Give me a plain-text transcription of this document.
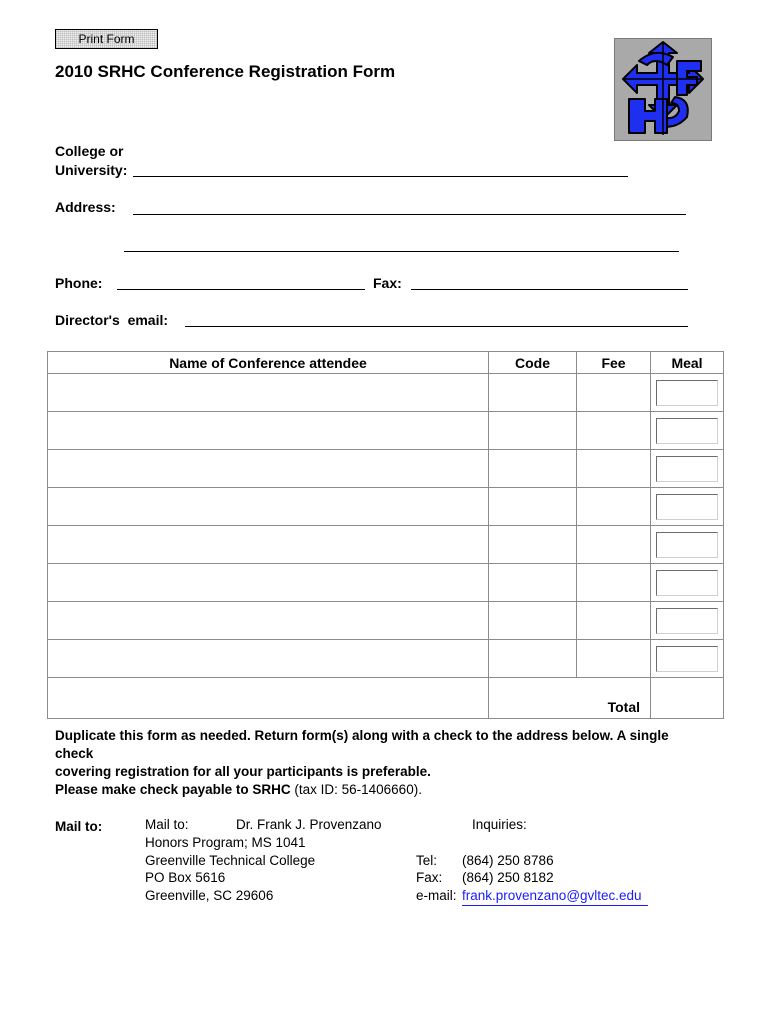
Print Form
2010 SRHC Conference Registration Form
College or
University:
Address:
Phone:	Fax:
Director's  email:
Name of Conference attendee	Code	Fee	Meal

	Total		
Duplicate this form as needed. Return form(s) along with a check to the address below. A single
check
covering registration for all your participants is preferable.
Please make check payable to SRHC (tax ID: 56-1406660).
Mail to:	Mail to:	Dr. Frank J. Provenzano
Honors Program; MS 1041
Greenville Technical College
PO Box 5616
Greenville, SC 29606
Inquiries:
Tel: (864) 250 8786
Fax: (864) 250 8182
e-mail: frank.provenzano@gvltec.edu
